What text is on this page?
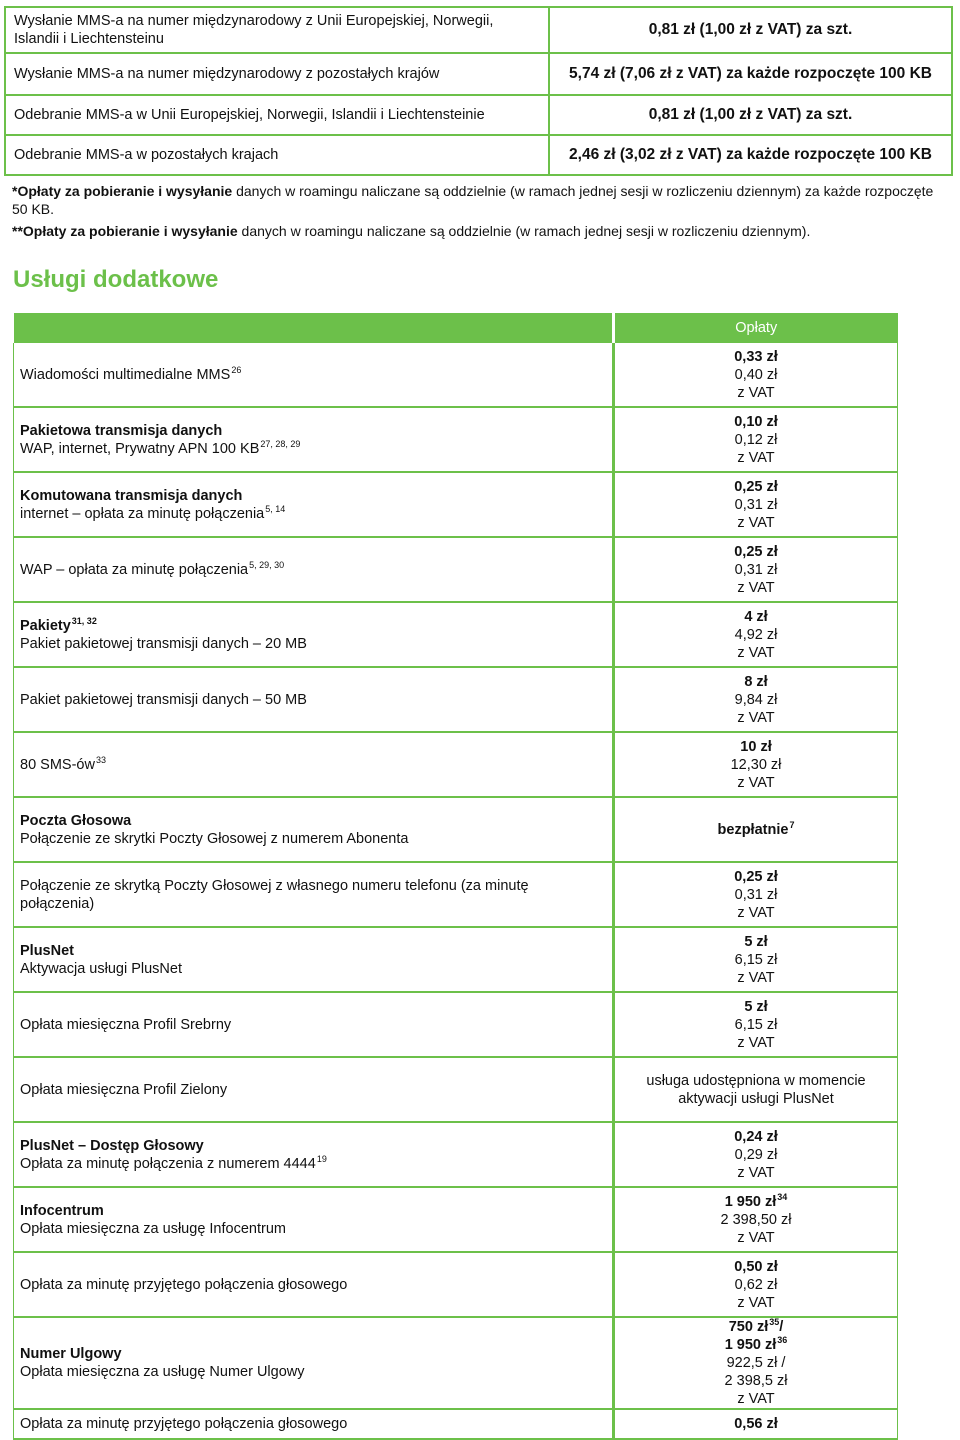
Wysłanie MMS-a na numer międzynarodowy z Unii Europejskiej, Norwegii, Islandii i Liechtensteinu	0,81 zł (1,00 zł z VAT) za szt.
Wysłanie MMS-a na numer międzynarodowy z pozostałych krajów	5,74 zł (7,06 zł z VAT) za każde rozpoczęte 100 KB
Odebranie MMS-a w Unii Europejskiej, Norwegii, Islandii i Liechtensteinie	0,81 zł (1,00 zł z VAT) za szt.
Odebranie MMS-a w pozostałych krajach	2,46 zł (3,02 zł z VAT) za każde rozpoczęte 100 KB

*Opłaty za pobieranie i wysyłanie danych w roamingu naliczane są oddzielnie (w ramach jednej sesji w rozliczeniu dziennym) za każde rozpoczęte 50 KB.

**Opłaty za pobieranie i wysyłanie danych w roamingu naliczane są oddzielnie (w ramach jednej sesji w rozliczeniu dziennym).

Usługi dodatkowe
	Opłaty

Wiadomości multimedialne MMS$^{26}$	0,33 zł
0,40 zł
z VAT

Pakietowa transmisja danych
WAP, internet, Prywatny APN 100 KB$^{27, 28, 29}$	0,10 zł
0,12 zł
z VAT

Komutowana transmisja danych
internet – opłata za minutę połączenia$^{5, 14}$	0,25 zł
0,31 zł
z VAT

WAP – opłata za minutę połączenia$^{5, 29, 30}$	0,25 zł
0,31 zł
z VAT

Pakiety$^{31, 32}$
Pakiet pakietowej transmisji danych – 20 MB	4 zł
4,92 zł
z VAT

Pakiet pakietowej transmisji danych – 50 MB	8 zł
9,84 zł
z VAT

80 SMS-$ów^{33}$	10 zł
12,30 zł
z VAT

Poczta Głosowa
Połączenie ze skrytki Poczty Głosowej z numerem Abonenta	bezpłatnie$^7$

Połączenie ze skrytką Poczty Głosowej z własnego numeru telefonu (za minutę połączenia)	0,25 zł
0,31 zł
z VAT

PlusNet
Aktywacja usługi PlusNet	5 zł
6,15 zł
z VAT

Opłata miesięczna Profil Srebrny	5 zł
6,15 zł
z VAT

Opłata miesięczna Profil Zielony	usługa udostępniona w momencie aktywacji usługi PlusNet

PlusNet – Dostęp Głosowy
Opłata za minutę połączenia z numerem 4444$^{19}$	0,24 zł
0,29 zł
z VAT

Infocentrum
Opłata miesięczna za usługę Infocentrum	1 950 $zł^{34}$
2 398,50 zł
z VAT

Opłata za minutę przyjętego połączenia głosowego	0,50 zł
0,62 zł
z VAT

Numer Ulgowy
Opłata miesięczna za usługę Numer Ulgowy	750 $zł^{35}/$
1 950 $zł^{36}$
922,5 zł /
2 398,5 zł
z VAT

Opłata za minutę przyjętego połączenia głosowego	0,56 zł
